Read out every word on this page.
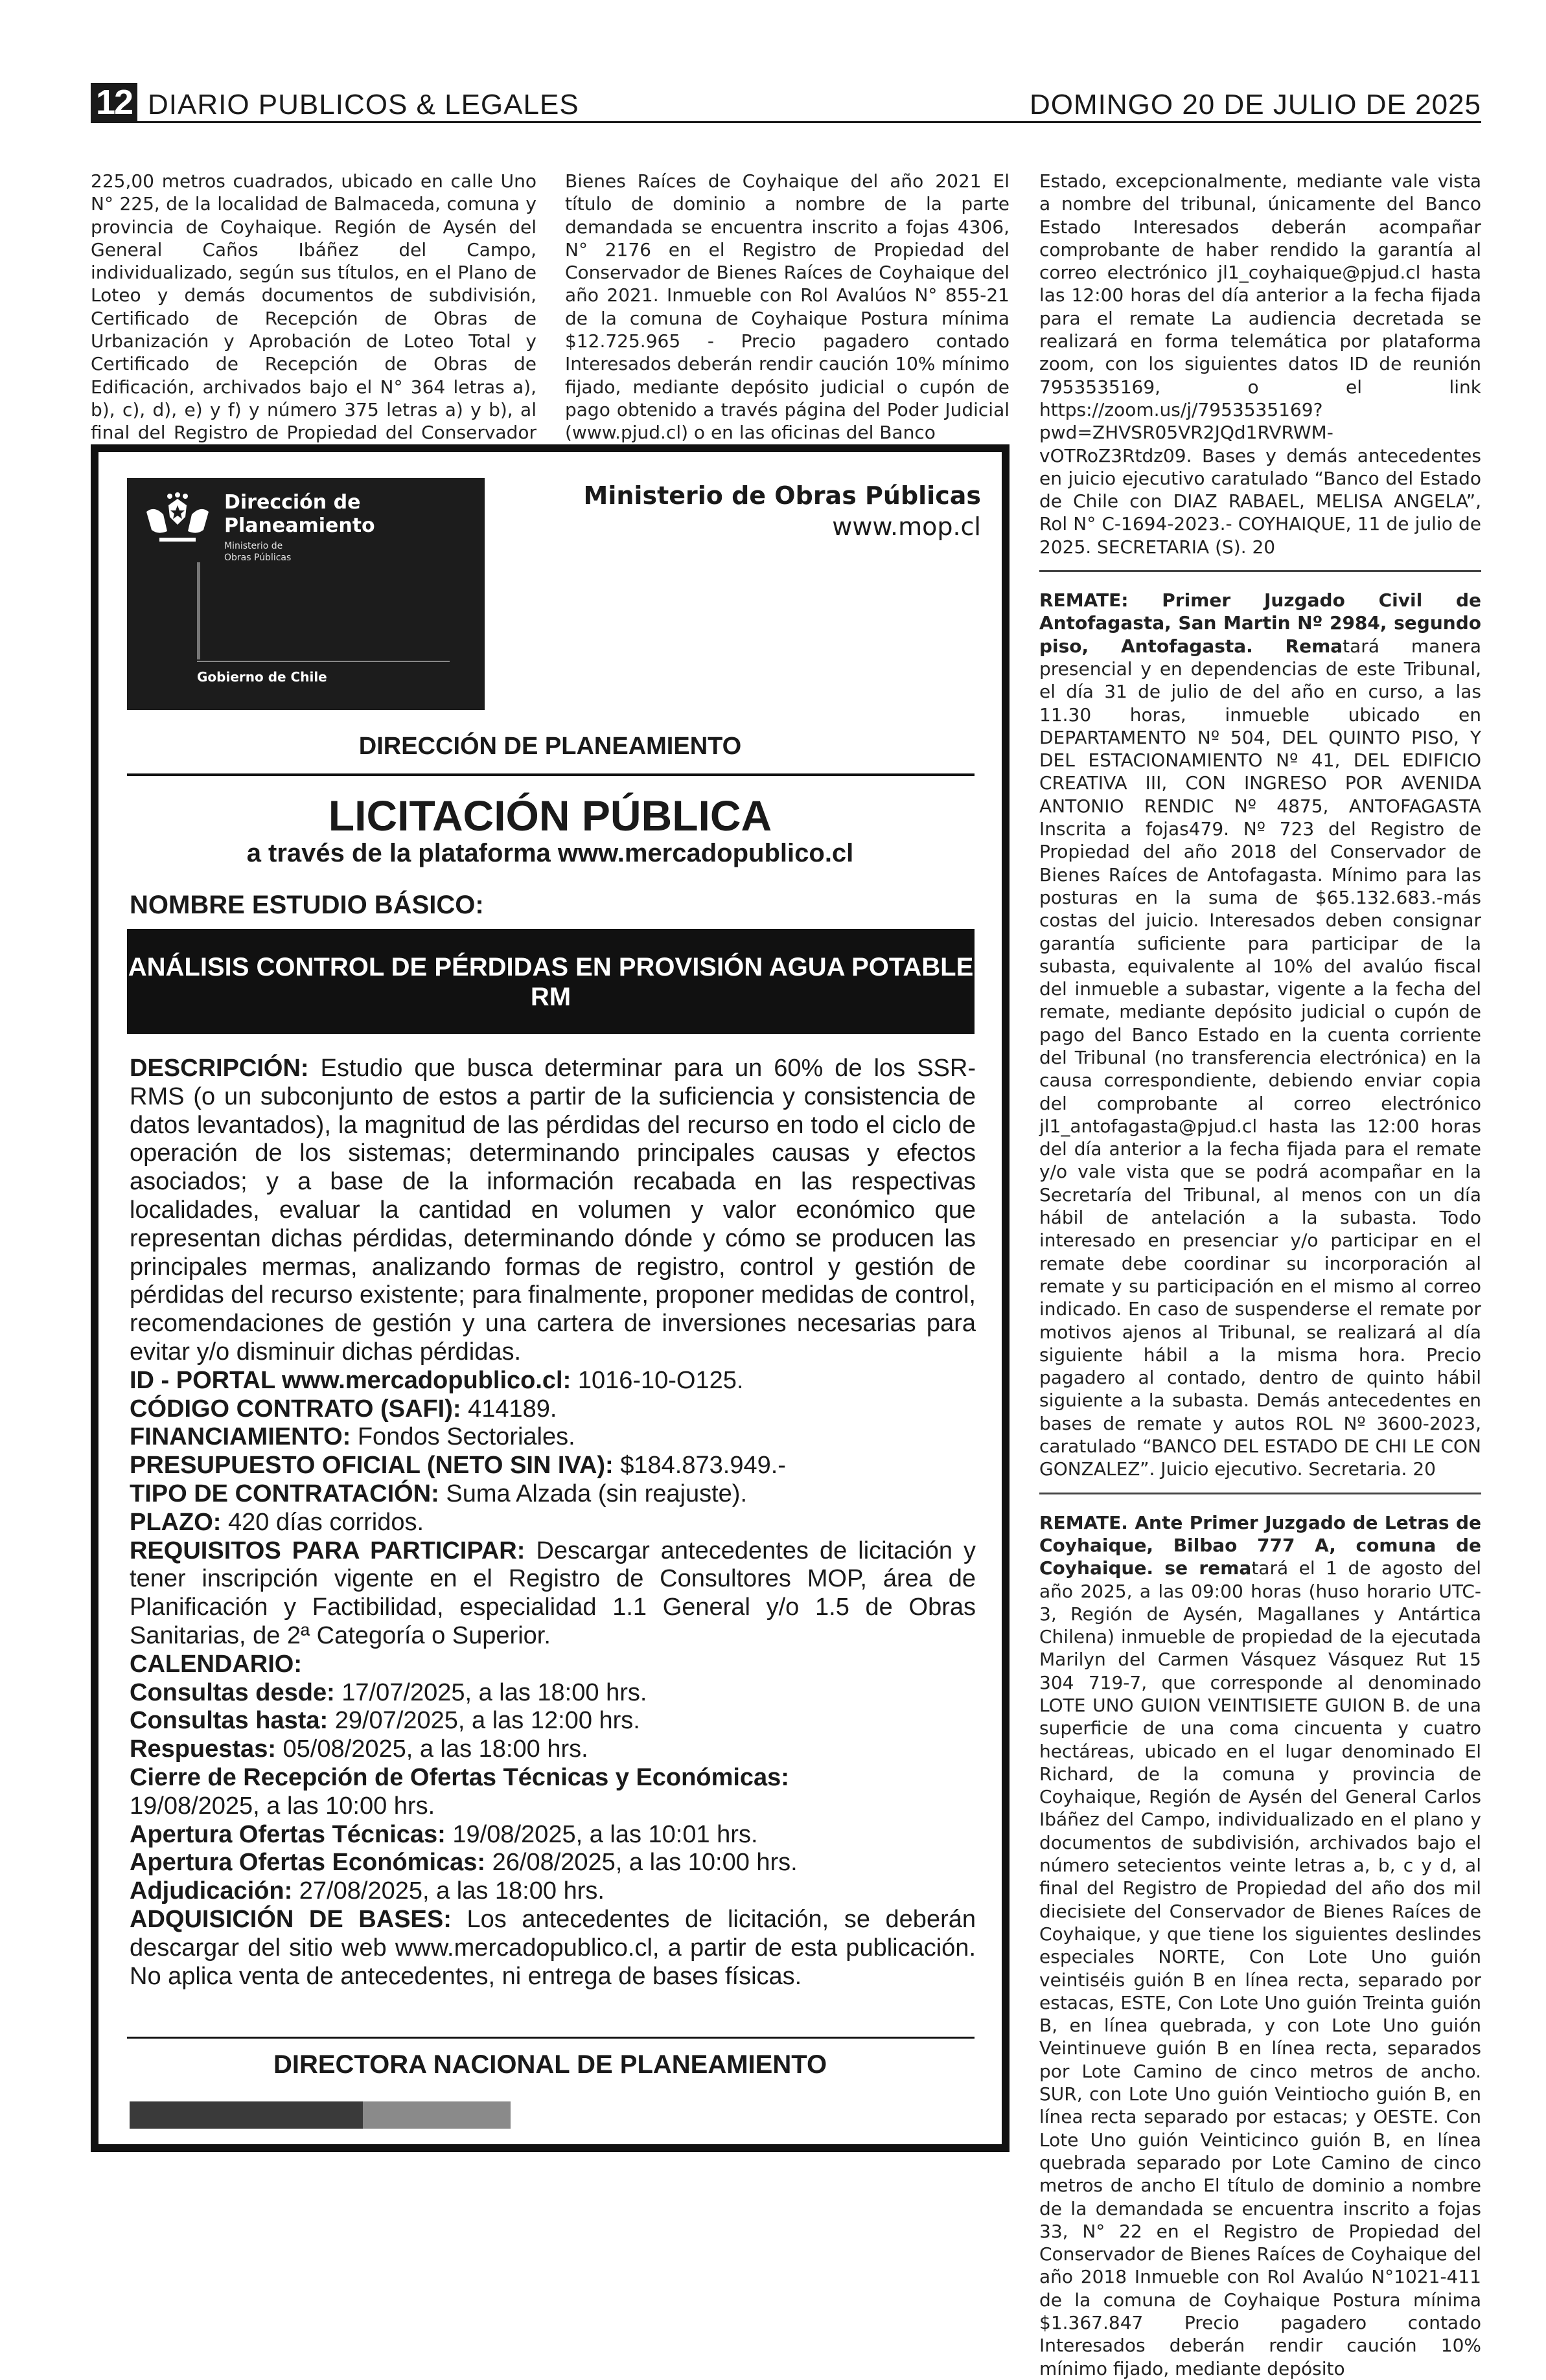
12 DIARIO PUBLICOS & LEGALES	DOMINGO 20 DE JULIO DE 2025

225,00 metros cuadrados, ubicado en calle Uno N° 225, de la localidad de Balmaceda, comuna y provincia de Coyhaique. Región de Aysén del General Caños Ibáñez del Campo, individualizado, según sus títulos, en el Plano de Loteo y demás documentos de subdivisión, Certificado de Recepción de Obras de Urbanización y Aprobación de Loteo Total y Certificado de Recepción de Obras de Edificación, archivados bajo el N° 364 letras a), b), c), d), e) y f) y número 375 letras a) y b), al final del Registro de Propiedad del Conservador

Bienes Raíces de Coyhaique del año 2021 El título de dominio a nombre de la parte demandada se encuentra inscrito a fojas 4306, N° 2176 en el Registro de Propiedad del Conservador de Bienes Raíces de Coyhaique del año 2021. Inmueble con Rol Avalúos N° 855-21 de la comuna de Coyhaique Postura mínima $12.725.965 - Precio pagadero contado Interesados deberán rendir caución 10% mínimo fijado, mediante depósito judicial o cupón de pago obtenido a través página del Poder Judicial (www.pjud.cl) o en las oficinas del Banco

Estado, excepcionalmente, mediante vale vista a nombre del tribunal, únicamente del Banco Estado Interesados deberán acompañar comprobante de haber rendido la garantía al correo electrónico jl1_coyhaique@pjud.cl hasta las 12:00 horas del día anterior a la fecha fijada para el remate La audiencia decretada se realizará en forma telemática por plataforma zoom, con los siguientes datos ID de reunión 7953535169, o el link https://zoom.us/j/7953535169?pwd=ZHVSR05VR2JQd1RVRWM-vOTRoZ3Rtdz09. Bases y demás antecedentes en juicio ejecutivo caratulado “Banco del Estado de Chile con DIAZ RABAEL, MELISA ANGELA”, Rol N° C-1694-2023.- COYHAIQUE, 11 de julio de 2025. SECRETARIA (S). 20

REMATE: Primer Juzgado Civil de Antofagasta, San Martin Nº 2984, segundo piso, Antofagasta. Rematará manera presencial y en dependencias de este Tribunal, el día 31 de julio de del año en curso, a las 11.30 horas, inmueble ubicado en DEPARTAMENTO Nº 504, DEL QUINTO PISO, Y DEL ESTACIONAMIENTO Nº 41, DEL EDIFICIO CREATIVA III, CON INGRESO POR AVENIDA ANTONIO RENDIC Nº 4875, ANTOFAGASTA Inscrita a fojas479. Nº 723 del Registro de Propiedad del año 2018 del Conservador de Bienes Raíces de Antofagasta. Mínimo para las posturas en la suma de $65.132.683.-más costas del juicio. Interesados deben consignar garantía suficiente para participar de la subasta, equivalente al 10% del avalúo fiscal del inmueble a subastar, vigente a la fecha del remate, mediante depósito judicial o cupón de pago del Banco Estado en la cuenta corriente del Tribunal (no transferencia electrónica) en la causa correspondiente, debiendo enviar copia del comprobante al correo electrónico jl1_antofagasta@pjud.cl hasta las 12:00 horas del día anterior a la fecha fijada para el remate y/o vale vista que se podrá acompañar en la Secretaría del Tribunal, al menos con un día hábil de antelación a la subasta. Todo interesado en presenciar y/o participar en el remate debe coordinar su incorporación al remate y su participación en el mismo al correo indicado. En caso de suspenderse el remate por motivos ajenos al Tribunal, se realizará al día siguiente hábil a la misma hora. Precio pagadero al contado, dentro de quinto hábil siguiente a la subasta. Demás antecedentes en bases de remate y autos ROL Nº 3600-2023, caratulado “BANCO DEL ESTADO DE CHI LE CON GONZALEZ”. Juicio ejecutivo. Secretaria. 20

REMATE. Ante Primer Juzgado de Letras de Coyhaique, Bilbao 777 A, comuna de Coyhaique. se rematará el 1 de agosto del año 2025, a las 09:00 horas (huso horario UTC-3, Región de Aysén, Magallanes y Antártica Chilena) inmueble de propiedad de la ejecutada Marilyn del Carmen Vásquez Vásquez Rut 15 304 719-7, que corresponde al denominado LOTE UNO GUION VEINTISIETE GUION B. de una superficie de una coma cincuenta y cuatro hectáreas, ubicado en el lugar denominado El Richard, de la comuna y provincia de Coyhaique, Región de Aysén del General Carlos Ibáñez del Campo, individualizado en el plano y documentos de subdivisión, archivados bajo el número setecientos veinte letras a, b, c y d, al final del Registro de Propiedad del año dos mil diecisiete del Conservador de Bienes Raíces de Coyhaique, y que tiene los siguientes deslindes especiales NORTE, Con Lote Uno guión veintiséis guión B en línea recta, separado por estacas, ESTE, Con Lote Uno guión Treinta guión B, en línea quebrada, y con Lote Uno guión Veintinueve guión B en línea recta, separados por Lote Camino de cinco metros de ancho. SUR, con Lote Uno guión Veintiocho guión B, en línea recta separado por estacas; y OESTE. Con Lote Uno guión Veinticinco guión B, en línea quebrada separado por Lote Camino de cinco metros de ancho El título de dominio a nombre de la demandada se encuentra inscrito a fojas 33, N° 22 en el Registro de Propiedad del Conservador de Bienes Raíces de Coyhaique del año 2018 Inmueble con Rol Avalúo N°1021-411 de la comuna de Coyhaique Postura mínima $1.367.847 Precio pagadero contado Interesados deberán rendir caución 10% mínimo fijado, mediante depósito

Dirección de Planeamiento
Ministerio de Obras Públicas
Gobierno de Chile
Ministerio de Obras Públicas
www.mop.cl
DIRECCIÓN DE PLANEAMIENTO
LICITACIÓN PÚBLICA
a través de la plataforma www.mercadopublico.cl
NOMBRE ESTUDIO BÁSICO:
ANÁLISIS CONTROL DE PÉRDIDAS EN PROVISIÓN AGUA POTABLE RM

DESCRIPCIÓN: Estudio que busca determinar para un 60% de los SSR-RMS (o un subconjunto de estos a partir de la suficiencia y consistencia de datos levantados), la magnitud de las pérdidas del recurso en todo el ciclo de operación de los sistemas; determinando principales causas y efectos asociados; y a base de la información recabada en las respectivas localidades, evaluar la cantidad en volumen y valor económico que representan dichas pérdidas, determinando dónde y cómo se producen las principales mermas, analizando formas de registro, control y gestión de pérdidas del recurso existente; para finalmente, proponer medidas de control, recomendaciones de gestión y una cartera de inversiones necesarias para evitar y/o disminuir dichas pérdidas.

ID - PORTAL www.mercadopublico.cl: 1016-10-O125.

CÓDIGO CONTRATO (SAFI): 414189.

FINANCIAMIENTO: Fondos Sectoriales.

PRESUPUESTO OFICIAL (NETO SIN IVA): $184.873.949.-

TIPO DE CONTRATACIÓN: Suma Alzada (sin reajuste).

PLAZO: 420 días corridos.

REQUISITOS PARA PARTICIPAR: Descargar antecedentes de licitación y tener inscripción vigente en el Registro de Consultores MOP, área de Planificación y Factibilidad, especialidad 1.1 General y/o 1.5 de Obras Sanitarias, de 2ª Categoría o Superior.

CALENDARIO:

Consultas desde: 17/07/2025, a las 18:00 hrs.

Consultas hasta: 29/07/2025, a las 12:00 hrs.

Respuestas: 05/08/2025, a las 18:00 hrs.

Cierre de Recepción de Ofertas Técnicas y Económicas:

19/08/2025, a las 10:00 hrs.

Apertura Ofertas Técnicas: 19/08/2025, a las 10:01 hrs.

Apertura Ofertas Económicas: 26/08/2025, a las 10:00 hrs.

Adjudicación: 27/08/2025, a las 18:00 hrs.

ADQUISICIÓN DE BASES: Los antecedentes de licitación, se deberán descargar del sitio web www.mercadopublico.cl, a partir de esta publicación. No aplica venta de antecedentes, ni entrega de bases físicas.

DIRECTORA NACIONAL DE PLANEAMIENTO
